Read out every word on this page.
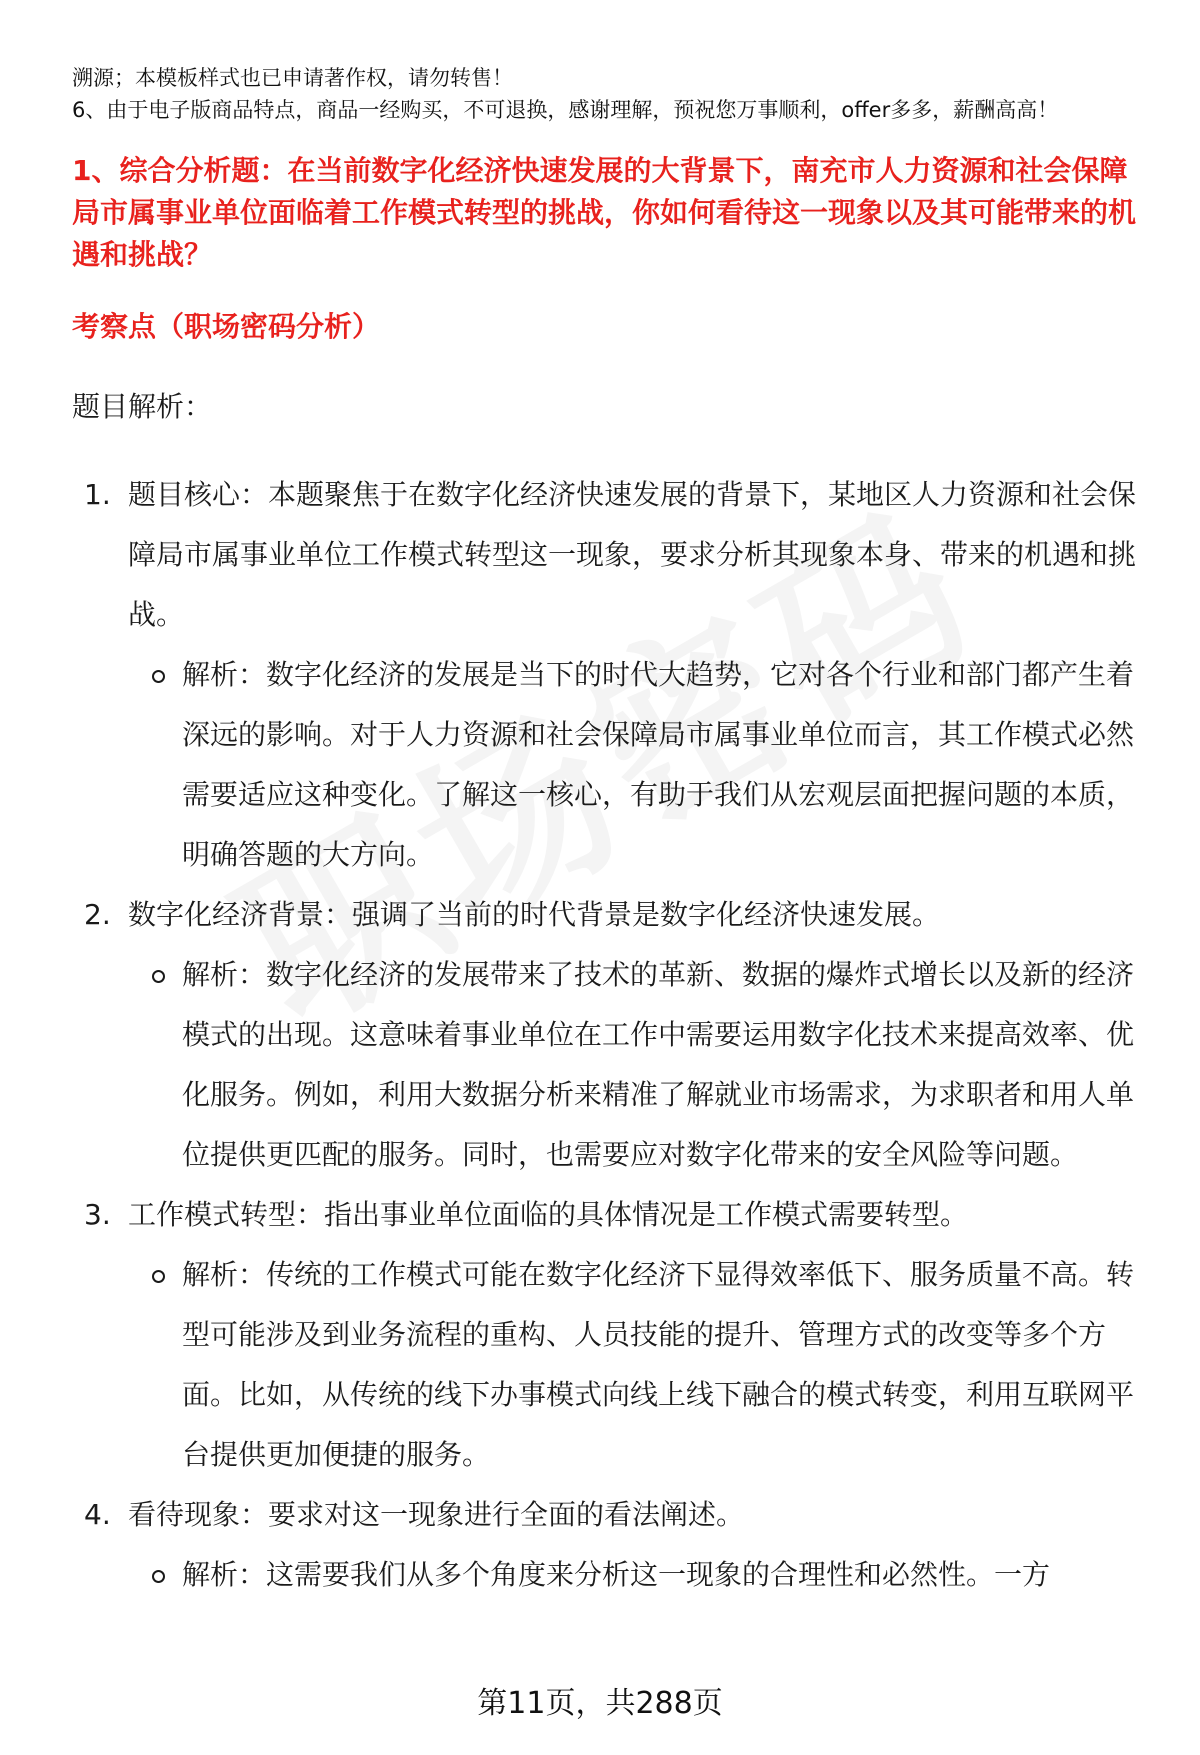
溯源；本模板样式也已申请著作权，请勿转售！

6、由于电子版商品特点，商品一经购买，不可退换，感谢理解，预祝您万事顺利，offer多多，薪酬高高！

1、综合分析题：在当前数字化经济快速发展的大背景下，南充市人力资源和社会保障局市属事业单位面临着工作模式转型的挑战，你如何看待这一现象以及其可能带来的机遇和挑战？

考察点（职场密码分析）

题目解析：

1. 题目核心：本题聚焦于在数字化经济快速发展的背景下，某地区人力资源和社会保障局市属事业单位工作模式转型这一现象，要求分析其现象本身、带来的机遇和挑战。
解析：数字化经济的发展是当下的时代大趋势，它对各个行业和部门都产生着深远的影响。对于人力资源和社会保障局市属事业单位而言，其工作模式必然需要适应这种变化。了解这一核心，有助于我们从宏观层面把握问题的本质，明确答题的大方向。
2. 数字化经济背景：强调了当前的时代背景是数字化经济快速发展。
解析：数字化经济的发展带来了技术的革新、数据的爆炸式增长以及新的经济模式的出现。这意味着事业单位在工作中需要运用数字化技术来提高效率、优化服务。例如，利用大数据分析来精准了解就业市场需求，为求职者和用人单位提供更匹配的服务。同时，也需要应对数字化带来的安全风险等问题。
3. 工作模式转型：指出事业单位面临的具体情况是工作模式需要转型。
解析：传统的工作模式可能在数字化经济下显得效率低下、服务质量不高。转型可能涉及到业务流程的重构、人员技能的提升、管理方式的改变等多个方面。比如，从传统的线下办事模式向线上线下融合的模式转变，利用互联网平台提供更加便捷的服务。
4. 看待现象：要求对这一现象进行全面的看法阐述。
解析：这需要我们从多个角度来分析这一现象的合理性和必然性。一方
第11页，共288页
